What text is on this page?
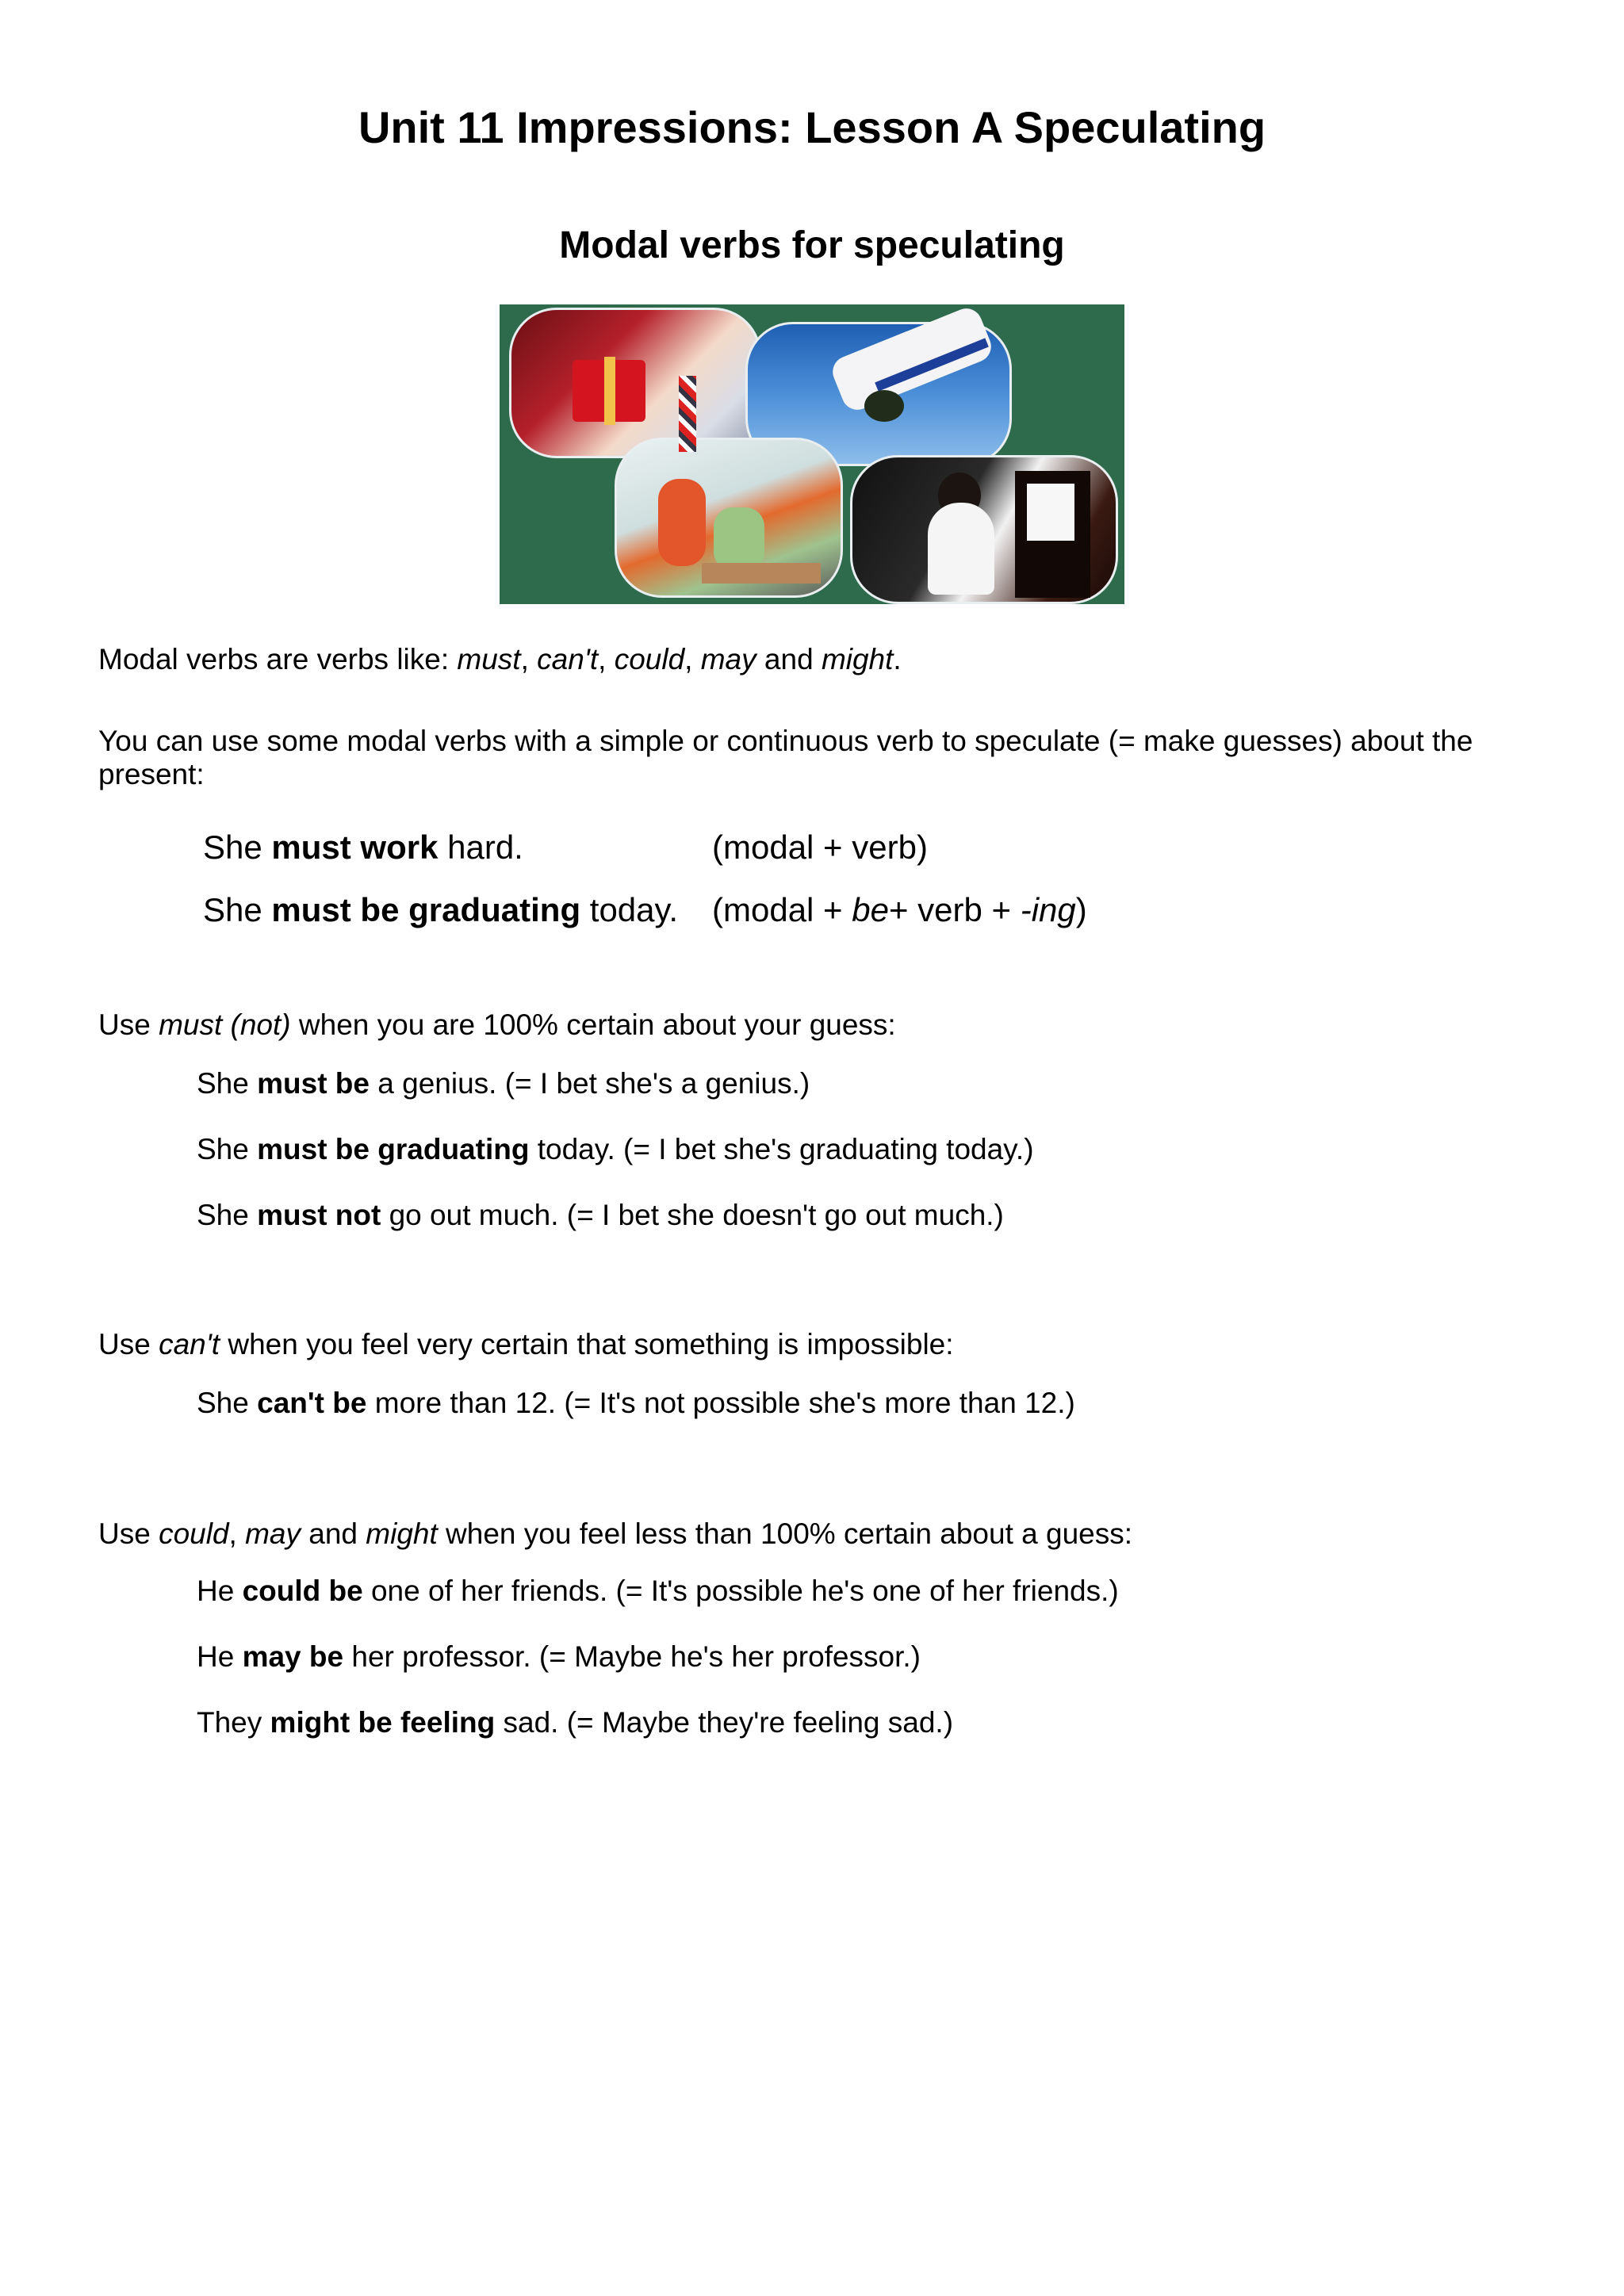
Unit 11 Impressions: Lesson A Speculating
Modal verbs for speculating

Modal verbs are verbs like: must, can't, could, may and might.

You can use some modal verbs with a simple or continuous verb to speculate (= make guesses) about the present:

She must work hard.	(modal + verb)

She must be graduating today. (modal + be+ verb + -ing)

Use must (not) when you are 100% certain about your guess:

She must be a genius. (= I bet she's a genius.)

She must be graduating today. (= I bet she's graduating today.)

She must not go out much. (= I bet she doesn't go out much.)

Use can't when you feel very certain that something is impossible:

She can't be more than 12. (= It's not possible she's more than 12.)

Use could, may and might when you feel less than 100% certain about a guess:

He could be one of her friends. (= It's possible he's one of her friends.)

He may be her professor. (= Maybe he's her professor.)

They might be feeling sad. (= Maybe they're feeling sad.)
